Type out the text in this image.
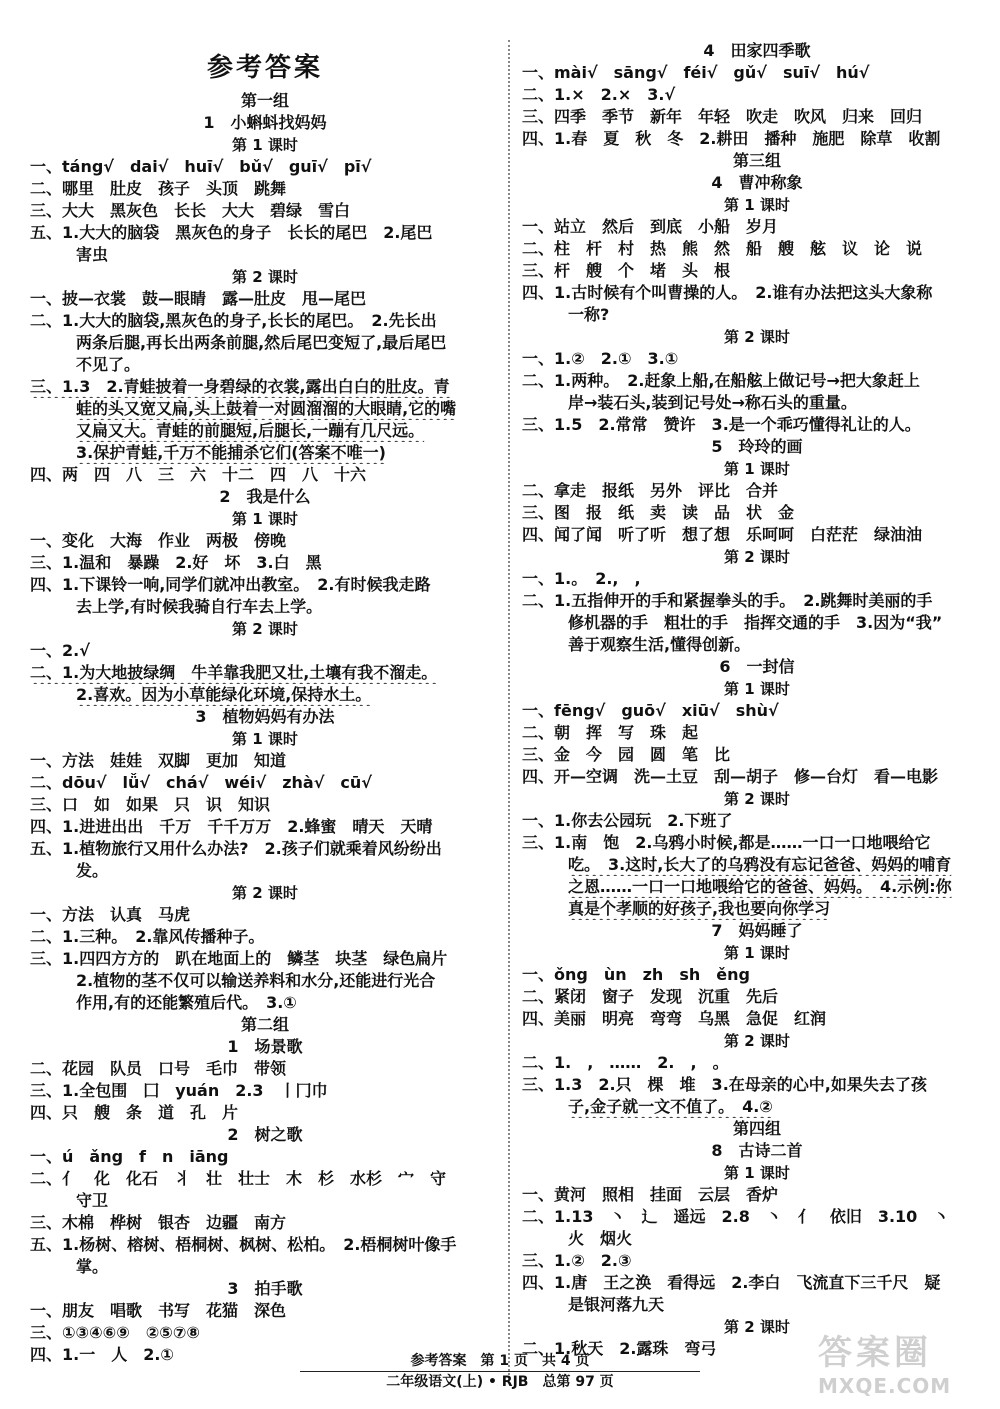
参考答案
第一组
1　小蝌蚪找妈妈
第 1 课时
一、táng√　dai√　huī√　bǔ√　guī√　pī√
二、哪里　肚皮　孩子　头顶　跳舞
三、大大　黑灰色　长长　大大　碧绿　雪白
五、1.大大的脑袋　黑灰色的身子　长长的尾巴　2.尾巴
害虫
第 2 课时
一、披—衣裳　鼓—眼睛　露—肚皮　甩—尾巴
二、1.大大的脑袋,黑灰色的身子,长长的尾巴。　2.先长出
两条后腿,再长出两条前腿,然后尾巴变短了,最后尾巴
不见了。
三、1.3　2.青蛙披着一身碧绿的衣裳,露出白白的肚皮。青
蛙的头又宽又扁,头上鼓着一对圆溜溜的大眼睛,它的嘴
又扁又大。青蛙的前腿短,后腿长,一蹦有几尺远。
3.保护青蛙,千万不能捕杀它们(答案不唯一)
四、两　四　八　三　六　十二　四　八　十六
2　我是什么
第 1 课时
一、变化　大海　作业　两极　傍晚
三、1.温和　暴躁　2.好　坏　3.白　黑
四、1.下课铃一响,同学们就冲出教室。　2.有时候我走路
去上学,有时候我骑自行车去上学。
第 2 课时
一、2.√
二、1.为大地披绿绸　牛羊靠我肥又壮,土壤有我不溜走。
2.喜欢。因为小草能绿化环境,保持水土。
3　植物妈妈有办法
第 1 课时
一、方法　娃娃　双脚　更加　知道
二、dōu√　lǚ√　chá√　wéi√　zhà√　cū√
三、口　如　如果　只　识　知识
四、1.进进出出　千万　千千万万　2.蜂蜜　晴天　天晴
五、1.植物旅行又用什么办法?　2.孩子们就乘着风纷纷出
发。
第 2 课时
一、方法　认真　马虎
二、1.三种。　2.靠风传播种子。
三、1.四四方方的　趴在地面上的　鳞茎　块茎　绿色扁片
2.植物的茎不仅可以输送养料和水分,还能进行光合
作用,有的还能繁殖后代。　3.①
第二组
1　场景歌
二、花园　队员　口号　毛巾　带领
三、1.全包围　囗　yuán　2.3　丨冂巾
四、只　艘　条　道　孔　片
2　树之歌
一、ú　ǎng　f　n　iāng
二、亻　化　化石　丬　壮　壮士　木　杉　水杉　宀　守
守卫
三、木棉　桦树　银杏　边疆　南方
五、1.杨树、榕树、梧桐树、枫树、松柏。　2.梧桐树叶像手
掌。
3　拍手歌
一、朋友　唱歌　书写　花猫　深色
三、①③④⑥⑨　②⑤⑦⑧
四、1.一　人　2.①
4　田家四季歌
一、mài√　sāng√　féi√　gǔ√　suī√　hú√
二、1.×　2.×　3.√
三、四季　季节　新年　年轻　吹走　吹风　归来　回归
四、1.春　夏　秋　冬　2.耕田　播种　施肥　除草　收割
第三组
4　曹冲称象
第 1 课时
一、站立　然后　到底　小船　岁月
二、柱　杆　村　热　熊　然　船　艘　舷　议　论　说
三、杆　艘　个　堵　头　根
四、1.古时候有个叫曹操的人。　2.谁有办法把这头大象称
一称?
第 2 课时
一、1.②　2.①　3.①
二、1.两种。　2.赶象上船,在船舷上做记号→把大象赶上
岸→装石头,装到记号处→称石头的重量。
三、1.5　2.常常　赞许　3.是一个乖巧懂得礼让的人。
5　玲玲的画
第 1 课时
二、拿走　报纸　另外　评比　合并
三、图　报　纸　卖　读　品　状　金
四、闻了闻　听了听　想了想　乐呵呵　白茫茫　绿油油
第 2 课时
一、1.。　2.,　,
二、1.五指伸开的手和紧握拳头的手。　2.跳舞时美丽的手
修机器的手　粗壮的手　指挥交通的手　3.因为“我”
善于观察生活,懂得创新。
6　一封信
第 1 课时
一、fēng√　guō√　xiū√　shù√
二、朝　挥　写　珠　起
三、金　今　园　圆　笔　比
四、开—空调　洗—土豆　刮—胡子　修—台灯　看—电影
第 2 课时
一、1.你去公园玩　2.下班了
三、1.南　饱　2.乌鸦小时候,都是……一口一口地喂给它
吃。　3.这时,长大了的乌鸦没有忘记爸爸、妈妈的哺育
之恩……一口一口地喂给它的爸爸、妈妈。　4.示例:你
真是个孝顺的好孩子,我也要向你学习
7　妈妈睡了
第 1 课时
一、ǒng　ùn　zh　sh　ěng
二、紧闭　窗子　发现　沉重　先后
四、美丽　明亮　弯弯　乌黑　急促　红润
第 2 课时
二、1.　,　……　2.　,　。
三、1.3　2.只　棵　堆　3.在母亲的心中,如果失去了孩
子,金子就一文不值了。　4.②
第四组
8　古诗二首
第 1 课时
一、黄河　照相　挂面　云层　香炉
二、1.13　丶　辶　遥远　2.8　丶　亻　依旧　3.10　丶
火　烟火
三、1.②　2.③
四、1.唐　王之涣　看得远　2.李白　飞流直下三千尺　疑
是银河落九天
第 2 课时
二、1.秋天　2.露珠　弯弓
参考答案　第 1 页　共 4 页
二年级语文(上) • RJB　总第 97 页
答案圈
MXQE.COM
